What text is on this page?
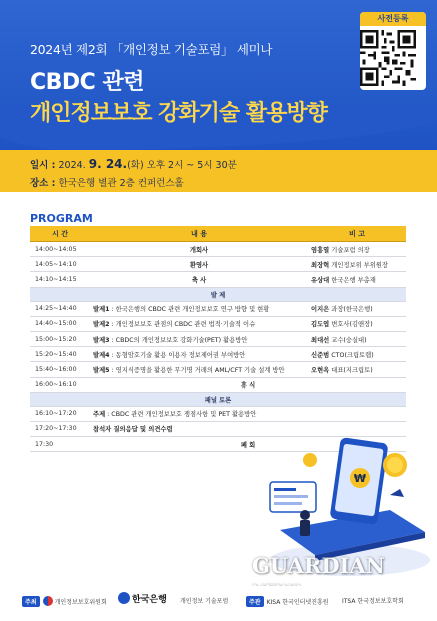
2024년 제2회 「개인정보 기술포럼」 세미나
CBDC 관련
개인정보보호 강화기술 활용방향
사전등록
일시 : 2024. 9. 24.(화) 오후 2시 ~ 5시 30분
장소 : 한국은행 별관 2층 컨퍼런스홀
PROGRAM
시 간	내 용	비 고
14:00~14:05	개회사	염흥열 기술포럼 의장
14:05~14:10	환영사	최장혁 개인정보위 부위원장
14:10~14:15	축 사	유상대 한국은행 부총재
발 제		
14:25~14:40	발제1 : 한국은행의 CBDC 관련 개인정보보호 연구 방향 및 현황	이지은 과장(한국은행)
14:40~15:00	발제2 : 개인정보보호 관점의 CBDC 관련 법적·기술적 이슈	김도엽 변호사(김앤장)
15:00~15:20	발제3 : CBDC의 개인정보보호 강화기술(PET) 활용방안	최대선 교수(숭실대)
15:20~15:40	발제4 : 동형암호기술 활용 이용자 정보제어권 부여방안	신준범 CTO(크립토랩)
15:40~16:00	발제5 : 영지식증명을 활용한 무기명 거래의 AML/CFT 기술 설계 방안	오현옥 대표(지크립토)
16:00~16:10	휴 식	
패널 토론		
16:10~17:20	주제 : CBDC 관련 개인정보보호 쟁점사항 및 PET 활용방안	
17:20~17:30	참석자 질의응답 및 의견수렴	
17:30	폐 회	
₩
GUARDIAN
주최	개인정보보호위원회	한국은행 개인정보 기술포럼	주관 KISA 한국인터넷진흥원 ITSA 한국정보보호학회
